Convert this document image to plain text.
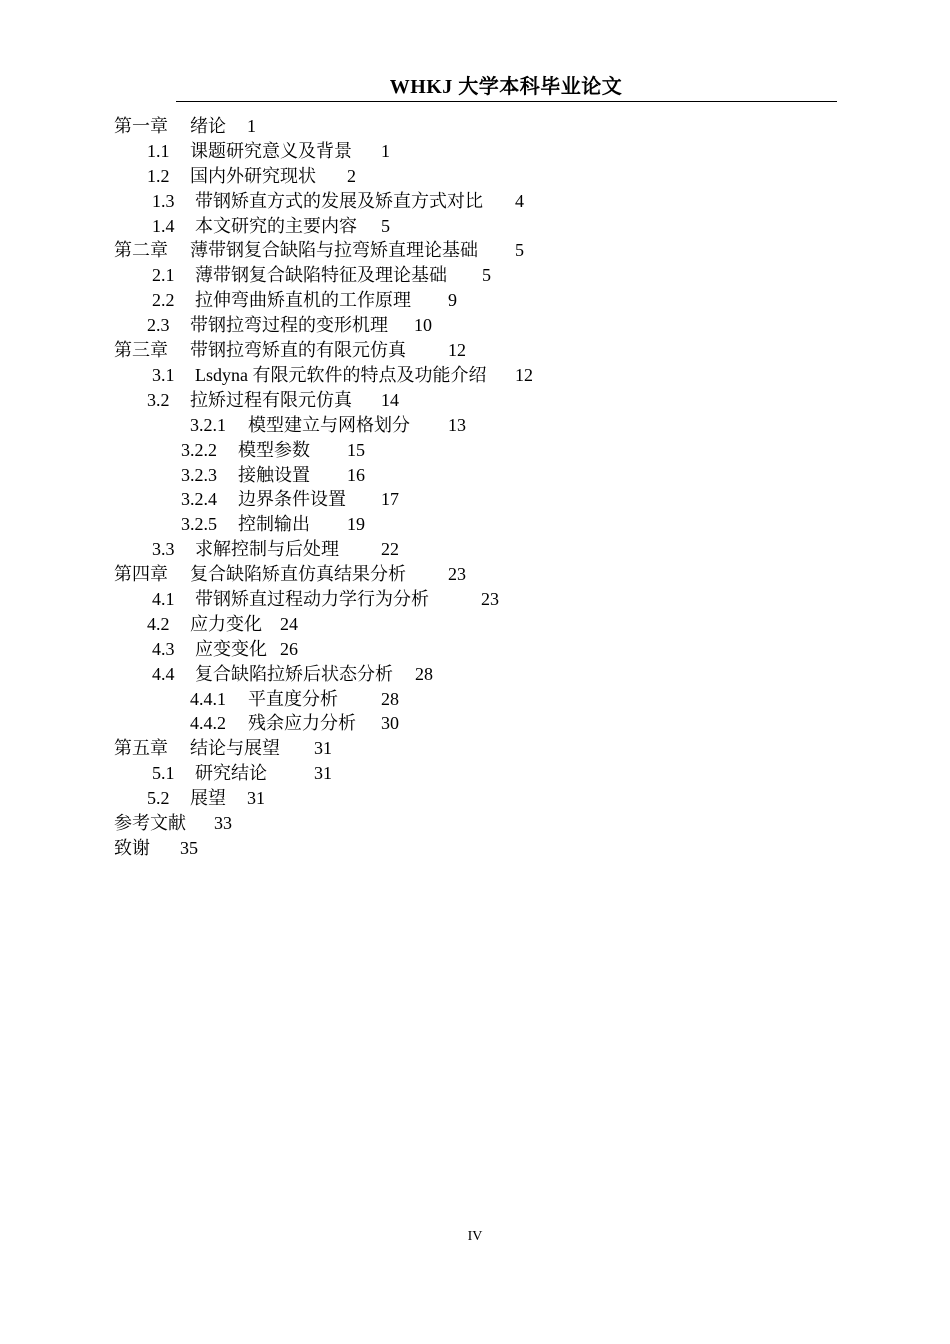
WHKJ 大学本科毕业论文
第一章 绪论 1
1.1 课题研究意义及背景 1
1.2 国内外研究现状 2
1.3 带钢矫直方式的发展及矫直方式对比 4
1.4 本文研究的主要内容 5
第二章 薄带钢复合缺陷与拉弯矫直理论基础 5
2.1 薄带钢复合缺陷特征及理论基础 5
2.2 拉伸弯曲矫直机的工作原理 9
2.3 带钢拉弯过程的变形机理 10
第三章 带钢拉弯矫直的有限元仿真 12
3.1 Lsdyna 有限元软件的特点及功能介绍 12
3.2 拉矫过程有限元仿真 14
3.2.1 模型建立与网格划分 13
3.2.2 模型参数 15
3.2.3 接触设置 16
3.2.4 边界条件设置 17
3.2.5 控制输出 19
3.3 求解控制与后处理 22
第四章 复合缺陷矫直仿真结果分析 23
4.1 带钢矫直过程动力学行为分析	23
4.2 应力变化 24
4.3 应变变化 26
4.4 复合缺陷拉矫后状态分析 28
4.4.1 平直度分析 28
4.4.2 残余应力分析 30
第五章 结论与展望 31
5.1 研究结论	31
5.2 展望 31
参考文献 33
致谢 35
IV
